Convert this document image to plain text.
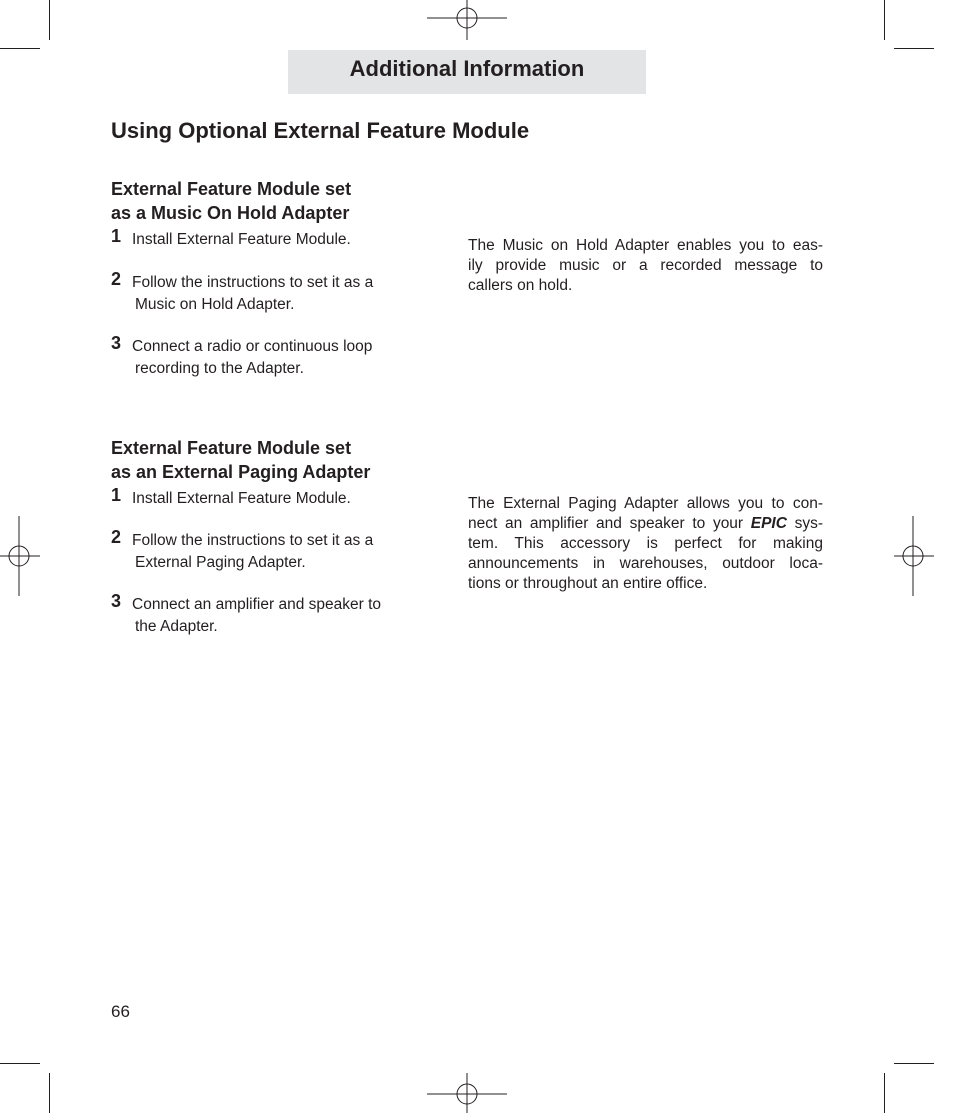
Additional Information
Using Optional External Feature Module
External Feature Module set
as a Music On Hold Adapter
1 Install External Feature Module.
2 Follow the instructions to set it as a
Music on Hold Adapter.
3 Connect a radio or continuous loop
recording to the Adapter.
The Music on Hold Adapter enables you to eas-
ily provide music or a recorded message to
callers on hold.
External Feature Module set
as an External Paging Adapter
1 Install External Feature Module.
2 Follow the instructions to set it as a
External Paging Adapter.
3 Connect an amplifier and speaker to
the Adapter.
The External Paging Adapter allows you to con-
nect an amplifier and speaker to your EPIC sys-
tem. This accessory is perfect for making
announcements in warehouses, outdoor loca-
tions or throughout an entire office.
66
